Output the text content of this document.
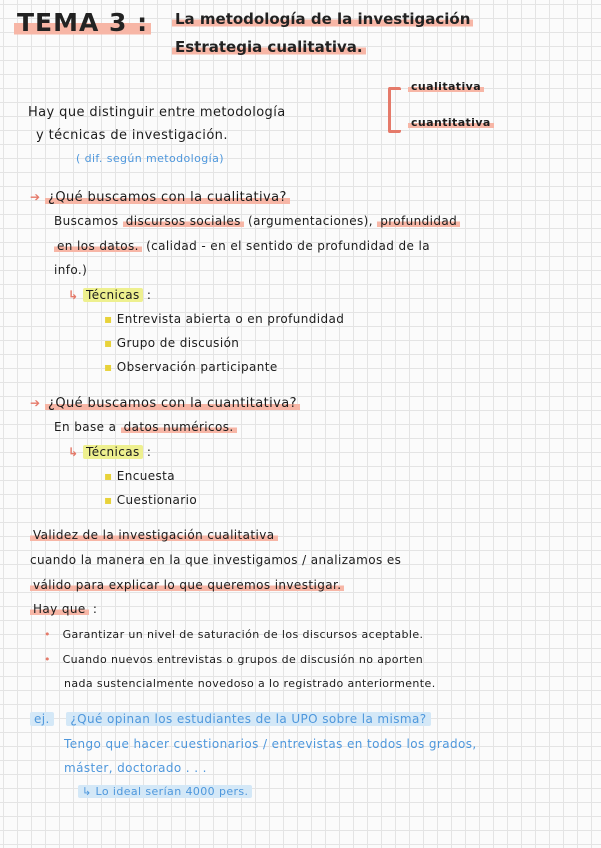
TEMA 3 : La metodología de la investigación
Estrategia cualitativa.
Hay que distinguir entre metodología
cualitativa
cuantitativa
y técnicas de investigación.
( dif. según metodología)
➔ ¿Qué buscamos con la cualitativa?
Buscamos discursos sociales (argumentaciones), profundidad
en los datos. (calidad - en el sentido de profundidad de la
info.)
↳ Técnicas :
▪ Entrevista abierta o en profundidad
▪ Grupo de discusión
▪ Observación participante
➔ ¿Qué buscamos con la cuantitativa?
En base a datos numéricos.
↳ Técnicas :
▪ Encuesta
▪ Cuestionario
Validez de la investigación cualitativa
cuando la manera en la que investigamos / analizamos es
válido para explicar lo que queremos investigar.
Hay que :
•   Garantizar un nivel de saturación de los discursos aceptable.
•   Cuando nuevos entrevistas o grupos de discusión no aporten
nada sustencialmente novedoso a lo registrado anteriormente.
ej. ¿Qué opinan los estudiantes de la UPO sobre la misma?
Tengo que hacer cuestionarios / entrevistas en todos los grados,
máster, doctorado . . .
↳ Lo ideal serían 4000 pers.
